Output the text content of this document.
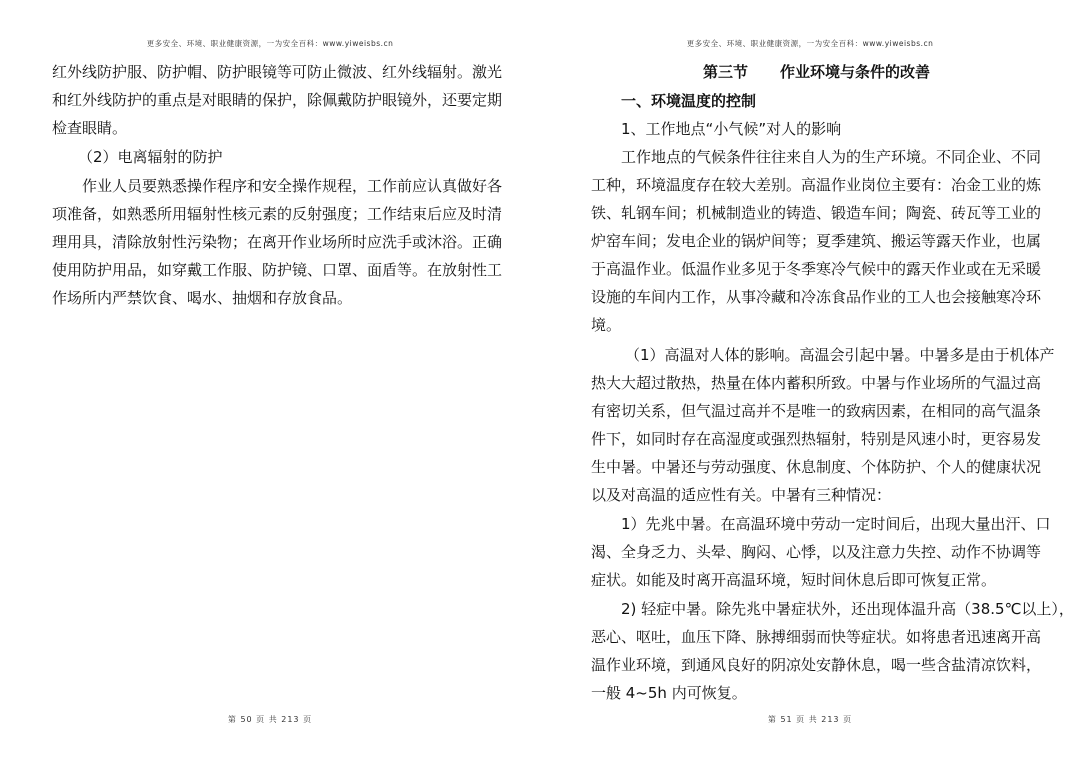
更多安全、环境、职业健康资源，一为安全百科：www.yiweisbs.cn
第 50 页 共 213 页
更多安全、环境、职业健康资源，一为安全百科：www.yiweisbs.cn
第 51 页 共 213 页
红外线防护服、防护帽、防护眼镜等可防止微波、红外线辐射。激光
和红外线防护的重点是对眼睛的保护，除佩戴防护眼镜外，还要定期
检查眼睛。
（2）电离辐射的防护
作业人员要熟悉操作程序和安全操作规程，工作前应认真做好各
项准备，如熟悉所用辐射性核元素的反射强度；工作结束后应及时清
理用具，清除放射性污染物；在离开作业场所时应洗手或沐浴。正确
使用防护用品，如穿戴工作服、防护镜、口罩、面盾等。在放射性工
作场所内严禁饮食、喝水、抽烟和存放食品。
第三节 作业环境与条件的改善
一、环境温度的控制
1、工作地点“小气候”对人的影响
工作地点的气候条件往往来自人为的生产环境。不同企业、不同
工种，环境温度存在较大差别。高温作业岗位主要有：冶金工业的炼
铁、轧钢车间；机械制造业的铸造、锻造车间；陶瓷、砖瓦等工业的
炉窑车间；发电企业的锅炉间等；夏季建筑、搬运等露天作业，也属
于高温作业。低温作业多见于冬季寒冷气候中的露天作业或在无采暖
设施的车间内工作，从事冷藏和冷冻食品作业的工人也会接触寒冷环
境。
（1）高温对人体的影响。高温会引起中暑。中暑多是由于机体产
热大大超过散热，热量在体内蓄积所致。中暑与作业场所的气温过高
有密切关系，但气温过高并不是唯一的致病因素，在相同的高气温条
件下，如同时存在高湿度或强烈热辐射，特别是风速小时，更容易发
生中暑。中暑还与劳动强度、休息制度、个体防护、个人的健康状况
以及对高温的适应性有关。中暑有三种情况：
1）先兆中暑。在高温环境中劳动一定时间后，出现大量出汗、口
渴、全身乏力、头晕、胸闷、心悸，以及注意力失控、动作不协调等
症状。如能及时离开高温环境，短时间休息后即可恢复正常。
2) 轻症中暑。除先兆中暑症状外，还出现体温升高（38.5℃以上），
恶心、呕吐，血压下降、脉搏细弱而快等症状。如将患者迅速离开高
温作业环境，到通风良好的阴凉处安静休息，喝一些含盐清凉饮料，
一般 4~5h 内可恢复。
